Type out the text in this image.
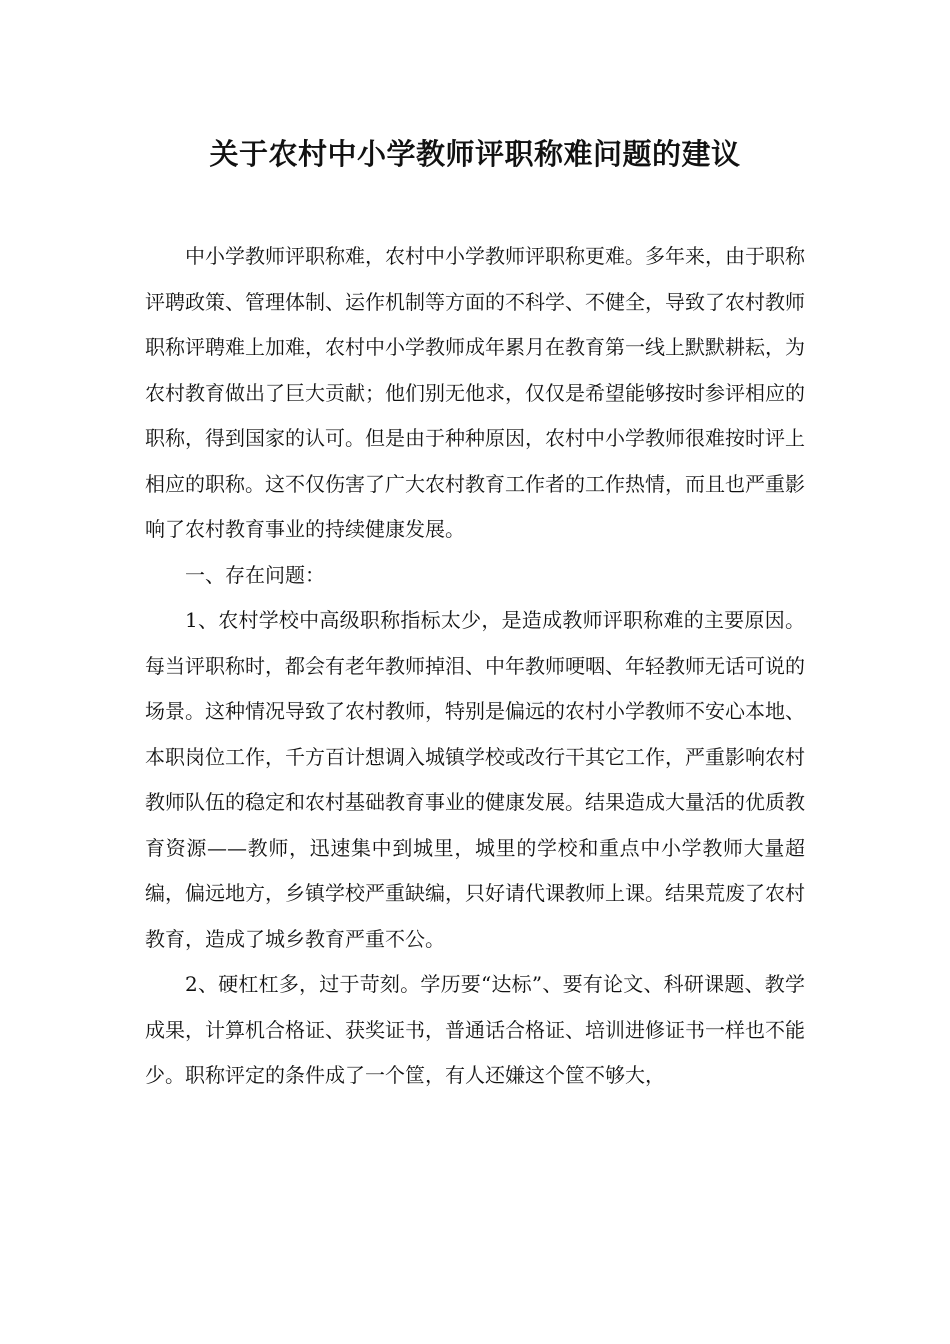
关于农村中小学教师评职称难问题的建议

中小学教师评职称难，农村中小学教师评职称更难。多年来，由于职称评聘政策、管理体制、运作机制等方面的不科学、不健全，导致了农村教师职称评聘难上加难，农村中小学教师成年累月在教育第一线上默默耕耘，为农村教育做出了巨大贡献；他们别无他求，仅仅是希望能够按时参评相应的职称，得到国家的认可。但是由于种种原因，农村中小学教师很难按时评上相应的职称。这不仅伤害了广大农村教育工作者的工作热情，而且也严重影响了农村教育事业的持续健康发展。

一、存在问题：

1、农村学校中高级职称指标太少，是造成教师评职称难的主要原因。每当评职称时，都会有老年教师掉泪、中年教师哽咽、年轻教师无话可说的场景。这种情况导致了农村教师，特别是偏远的农村小学教师不安心本地、本职岗位工作，千方百计想调入城镇学校或改行干其它工作，严重影响农村教师队伍的稳定和农村基础教育事业的健康发展。结果造成大量活的优质教育资源——教师，迅速集中到城里，城里的学校和重点中小学教师大量超编，偏远地方，乡镇学校严重缺编，只好请代课教师上课。结果荒废了农村教育，造成了城乡教育严重不公。

2、硬杠杠多，过于苛刻。学历要“达标”、要有论文、科研课题、教学成果，计算机合格证、获奖证书，普通话合格证、培训进修证书一样也不能少。职称评定的条件成了一个筐，有人还嫌这个筐不够大，
